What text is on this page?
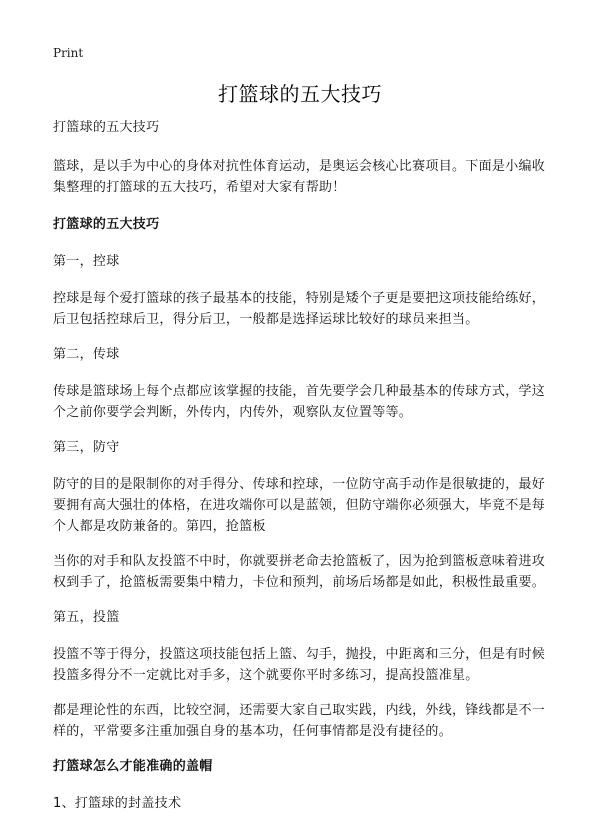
Print
打篮球的五大技巧

打篮球的五大技巧

篮球，是以手为中心的身体对抗性体育运动，是奥运会核心比赛项目。下面是小编收集整理的打篮球的五大技巧，希望对大家有帮助！

打篮球的五大技巧

第一，控球

控球是每个爱打篮球的孩子最基本的技能，特别是矮个子更是要把这项技能给练好，后卫包括控球后卫，得分后卫，一般都是选择运球比较好的球员来担当。

第二，传球

传球是篮球场上每个点都应该掌握的技能，首先要学会几种最基本的传球方式，学这个之前你要学会判断，外传内，内传外，观察队友位置等等。

第三，防守

防守的目的是限制你的对手得分、传球和控球，一位防守高手动作是很敏捷的，最好要拥有高大强壮的体格，在进攻端你可以是蓝领，但防守端你必须强大，毕竟不是每个人都是攻防兼备的。第四，抢篮板

当你的对手和队友投篮不中时，你就要拼老命去抢篮板了，因为抢到篮板意味着进攻权到手了，抢篮板需要集中精力，卡位和预判，前场后场都是如此，积极性最重要。

第五，投篮

投篮不等于得分，投篮这项技能包括上篮、勾手，抛投，中距离和三分，但是有时候投篮多得分不一定就比对手多，这个就要你平时多练习，提高投篮准星。

都是理论性的东西，比较空洞，还需要大家自己取实践，内线，外线，锋线都是不一样的，平常要多注重加强自身的基本功，任何事情都是没有捷径的。

打篮球怎么才能准确的盖帽

1、打篮球的封盖技术
